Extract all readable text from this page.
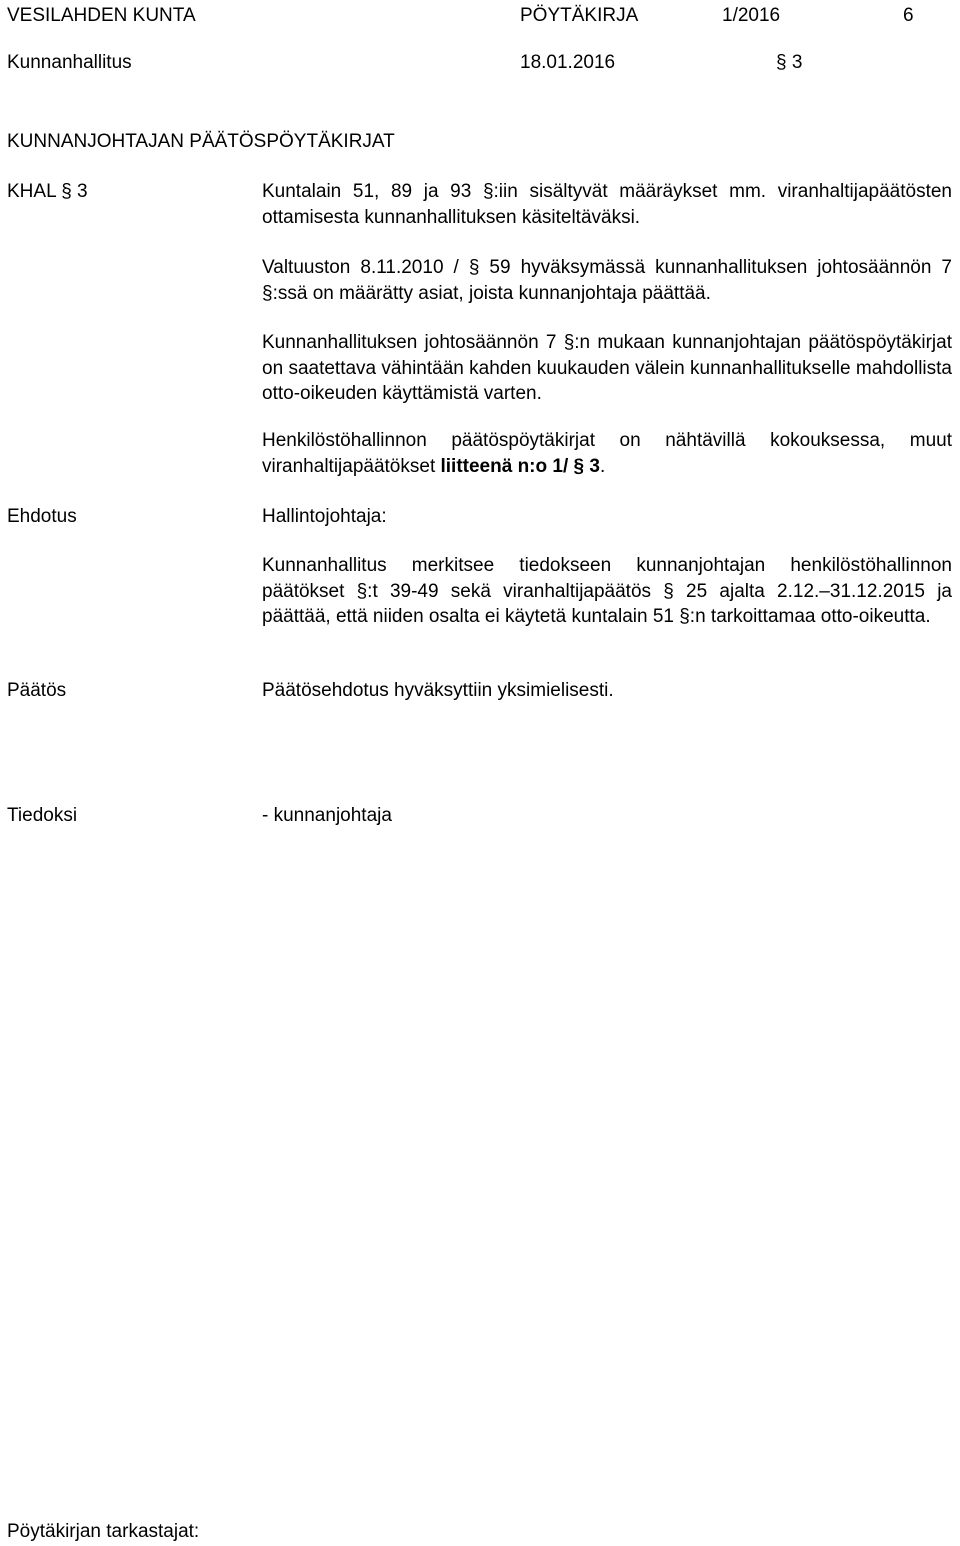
VESILAHDEN KUNTA	PÖYTÄKIRJA	1/2016	6
Kunnanhallitus	18.01.2016	§ 3
KUNNANJOHTAJAN PÄÄTÖSPÖYTÄKIRJAT
KHAL § 3	Kuntalain 51, 89 ja 93 §:iin sisältyvät määräykset mm. viranhaltijapäätösten ottamisesta kunnanhallituksen käsiteltäväksi.

Valtuuston 8.11.2010 / § 59 hyväksymässä kunnanhallituksen johtosäännön 7 §:ssä on määrätty asiat, joista kunnanjohtaja päättää.

Kunnanhallituksen johtosäännön 7 §:n mukaan kunnanjohtajan päätöspöytäkirjat on saatettava vähintään kahden kuukauden välein kunnanhallitukselle mahdollista otto-oikeuden käyttämistä varten.

Henkilöstöhallinnon päätöspöytäkirjat on nähtävillä kokouksessa, muut viranhaltijapäätökset liitteenä n:o 1/ § 3.

Ehdotus	Hallintojohtaja:

Kunnanhallitus merkitsee tiedokseen kunnanjohtajan henkilöstöhallinnon päätökset §:t 39-49 sekä viranhaltijapäätös § 25 ajalta 2.12.–31.12.2015 ja päättää, että niiden osalta ei käytetä kuntalain 51 §:n tarkoittamaa otto-oikeutta.

Päätös	Päätösehdotus hyväksyttiin yksimielisesti.
Tiedoksi	- kunnanjohtaja
Pöytäkirjan tarkastajat:
